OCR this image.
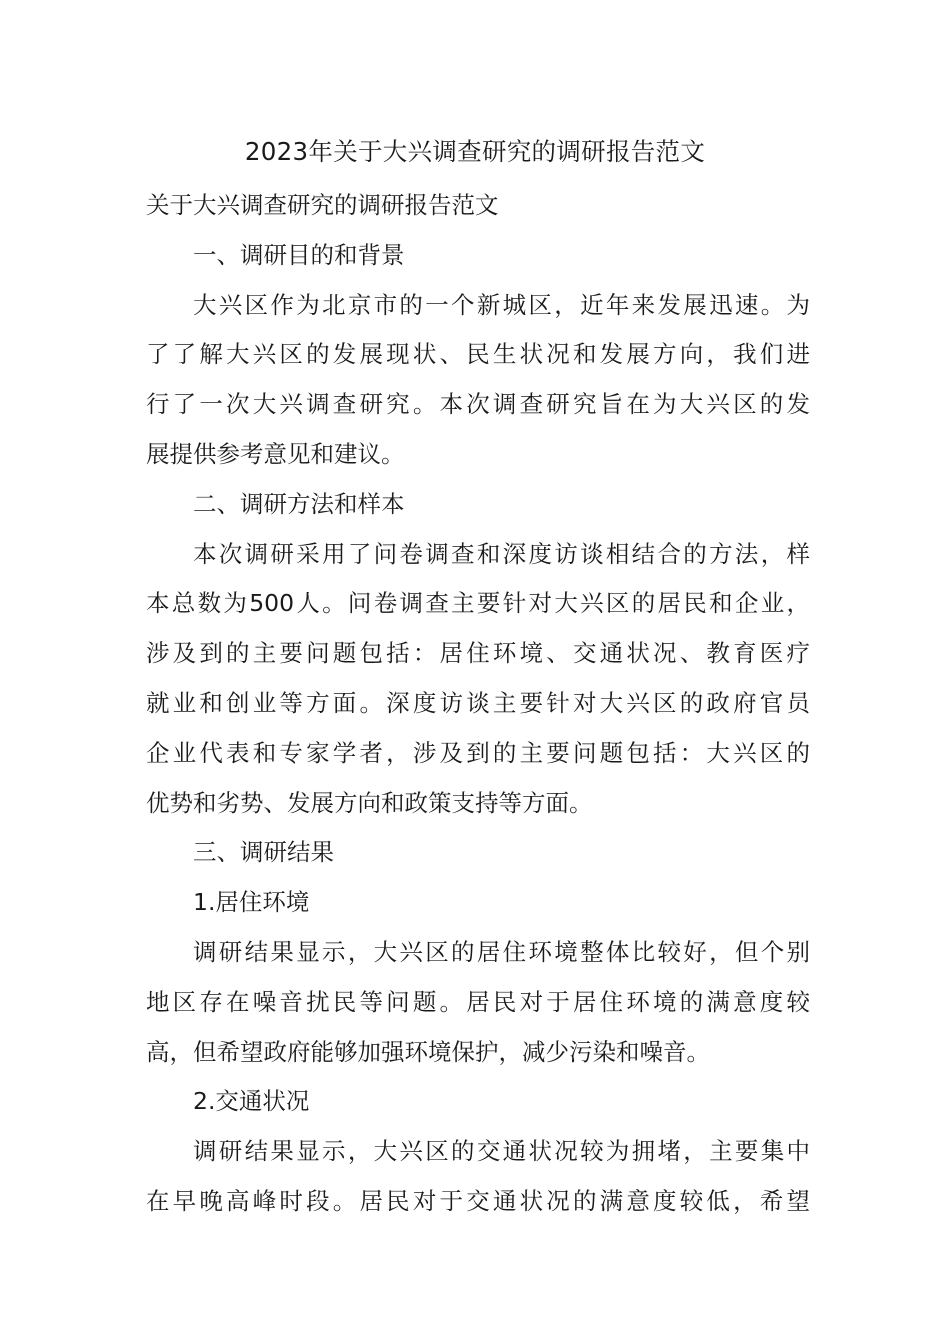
2023年关于大兴调查研究的调研报告范文
关于大兴调查研究的调研报告范文
一、调研目的和背景
大兴区作为北京市的一个新城区，近年来发展迅速。为
了了解大兴区的发展现状、民生状况和发展方向，我们进
行了一次大兴调查研究。本次调查研究旨在为大兴区的发
展提供参考意见和建议。
二、调研方法和样本
本次调研采用了问卷调查和深度访谈相结合的方法，样
本总数为500人。问卷调查主要针对大兴区的居民和企业，
涉及到的主要问题包括：居住环境、交通状况、教育医疗
就业和创业等方面。深度访谈主要针对大兴区的政府官员
企业代表和专家学者，涉及到的主要问题包括：大兴区的
优势和劣势、发展方向和政策支持等方面。
三、调研结果
1.居住环境
调研结果显示，大兴区的居住环境整体比较好，但个别
地区存在噪音扰民等问题。居民对于居住环境的满意度较
高，但希望政府能够加强环境保护，减少污染和噪音。
2.交通状况
调研结果显示，大兴区的交通状况较为拥堵，主要集中
在早晚高峰时段。居民对于交通状况的满意度较低，希望
